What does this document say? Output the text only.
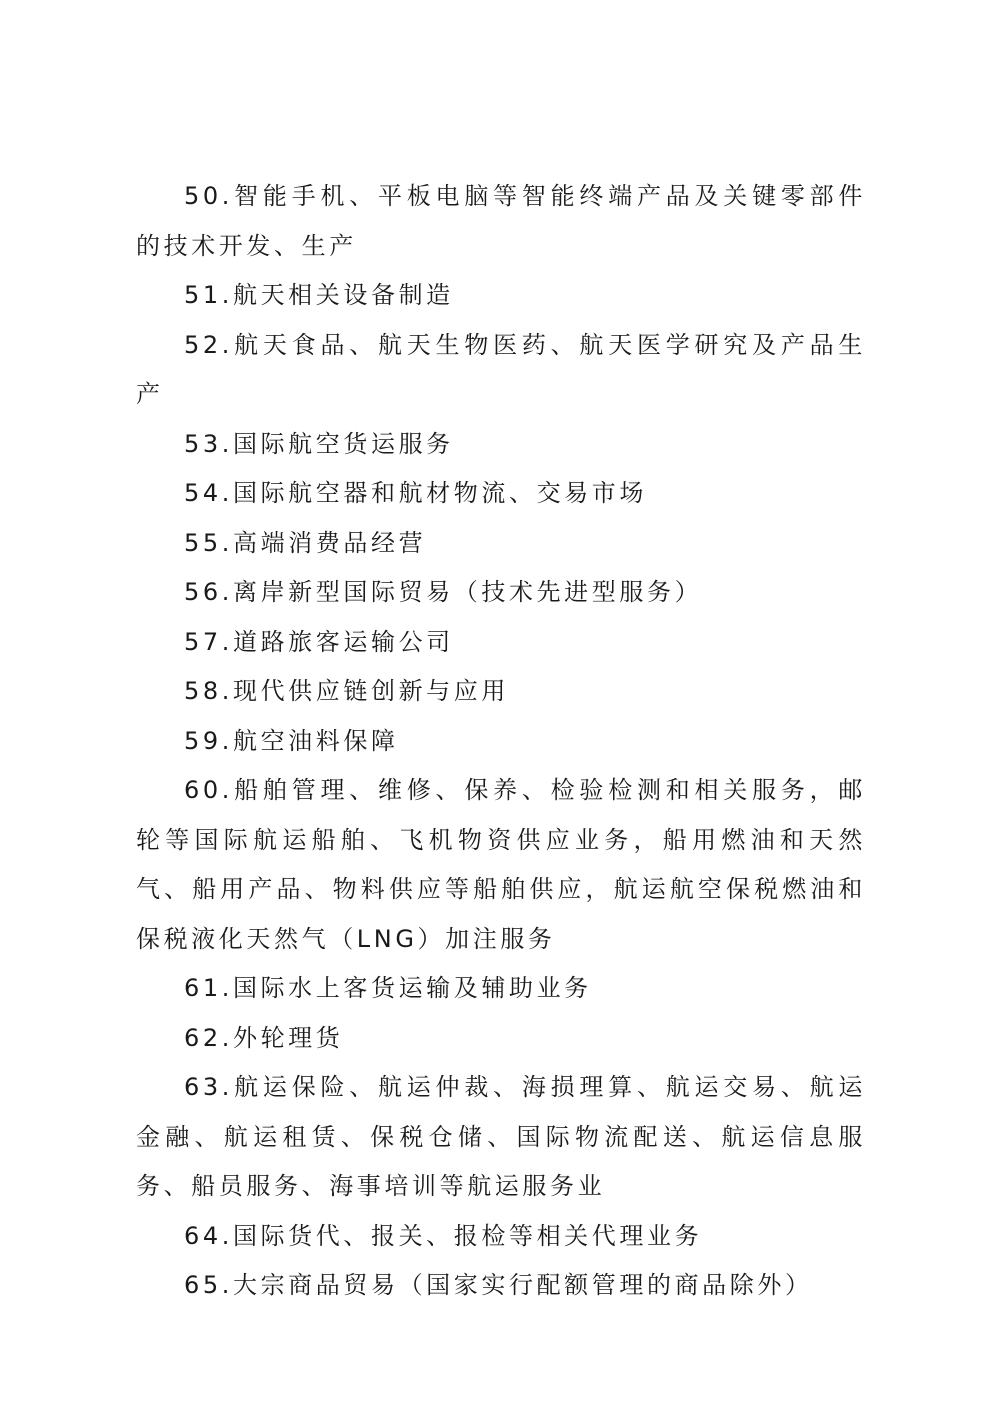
50.智能手机、平板电脑等智能终端产品及关键零部件的技术开发、生产

51.航天相关设备制造

52.航天食品、航天生物医药、航天医学研究及产品生产

53.国际航空货运服务

54.国际航空器和航材物流、交易市场

55.高端消费品经营

56.离岸新型国际贸易（技术先进型服务）

57.道路旅客运输公司

58.现代供应链创新与应用

59.航空油料保障

60.船舶管理、维修、保养、检验检测和相关服务，邮轮等国际航运船舶、飞机物资供应业务，船用燃油和天然气、船用产品、物料供应等船舶供应，航运航空保税燃油和保税液化天然气（LNG）加注服务

61.国际水上客货运输及辅助业务

62.外轮理货

63.航运保险、航运仲裁、海损理算、航运交易、航运金融、航运租赁、保税仓储、国际物流配送、航运信息服务、船员服务、海事培训等航运服务业

64.国际货代、报关、报检等相关代理业务

65.大宗商品贸易（国家实行配额管理的商品除外）
